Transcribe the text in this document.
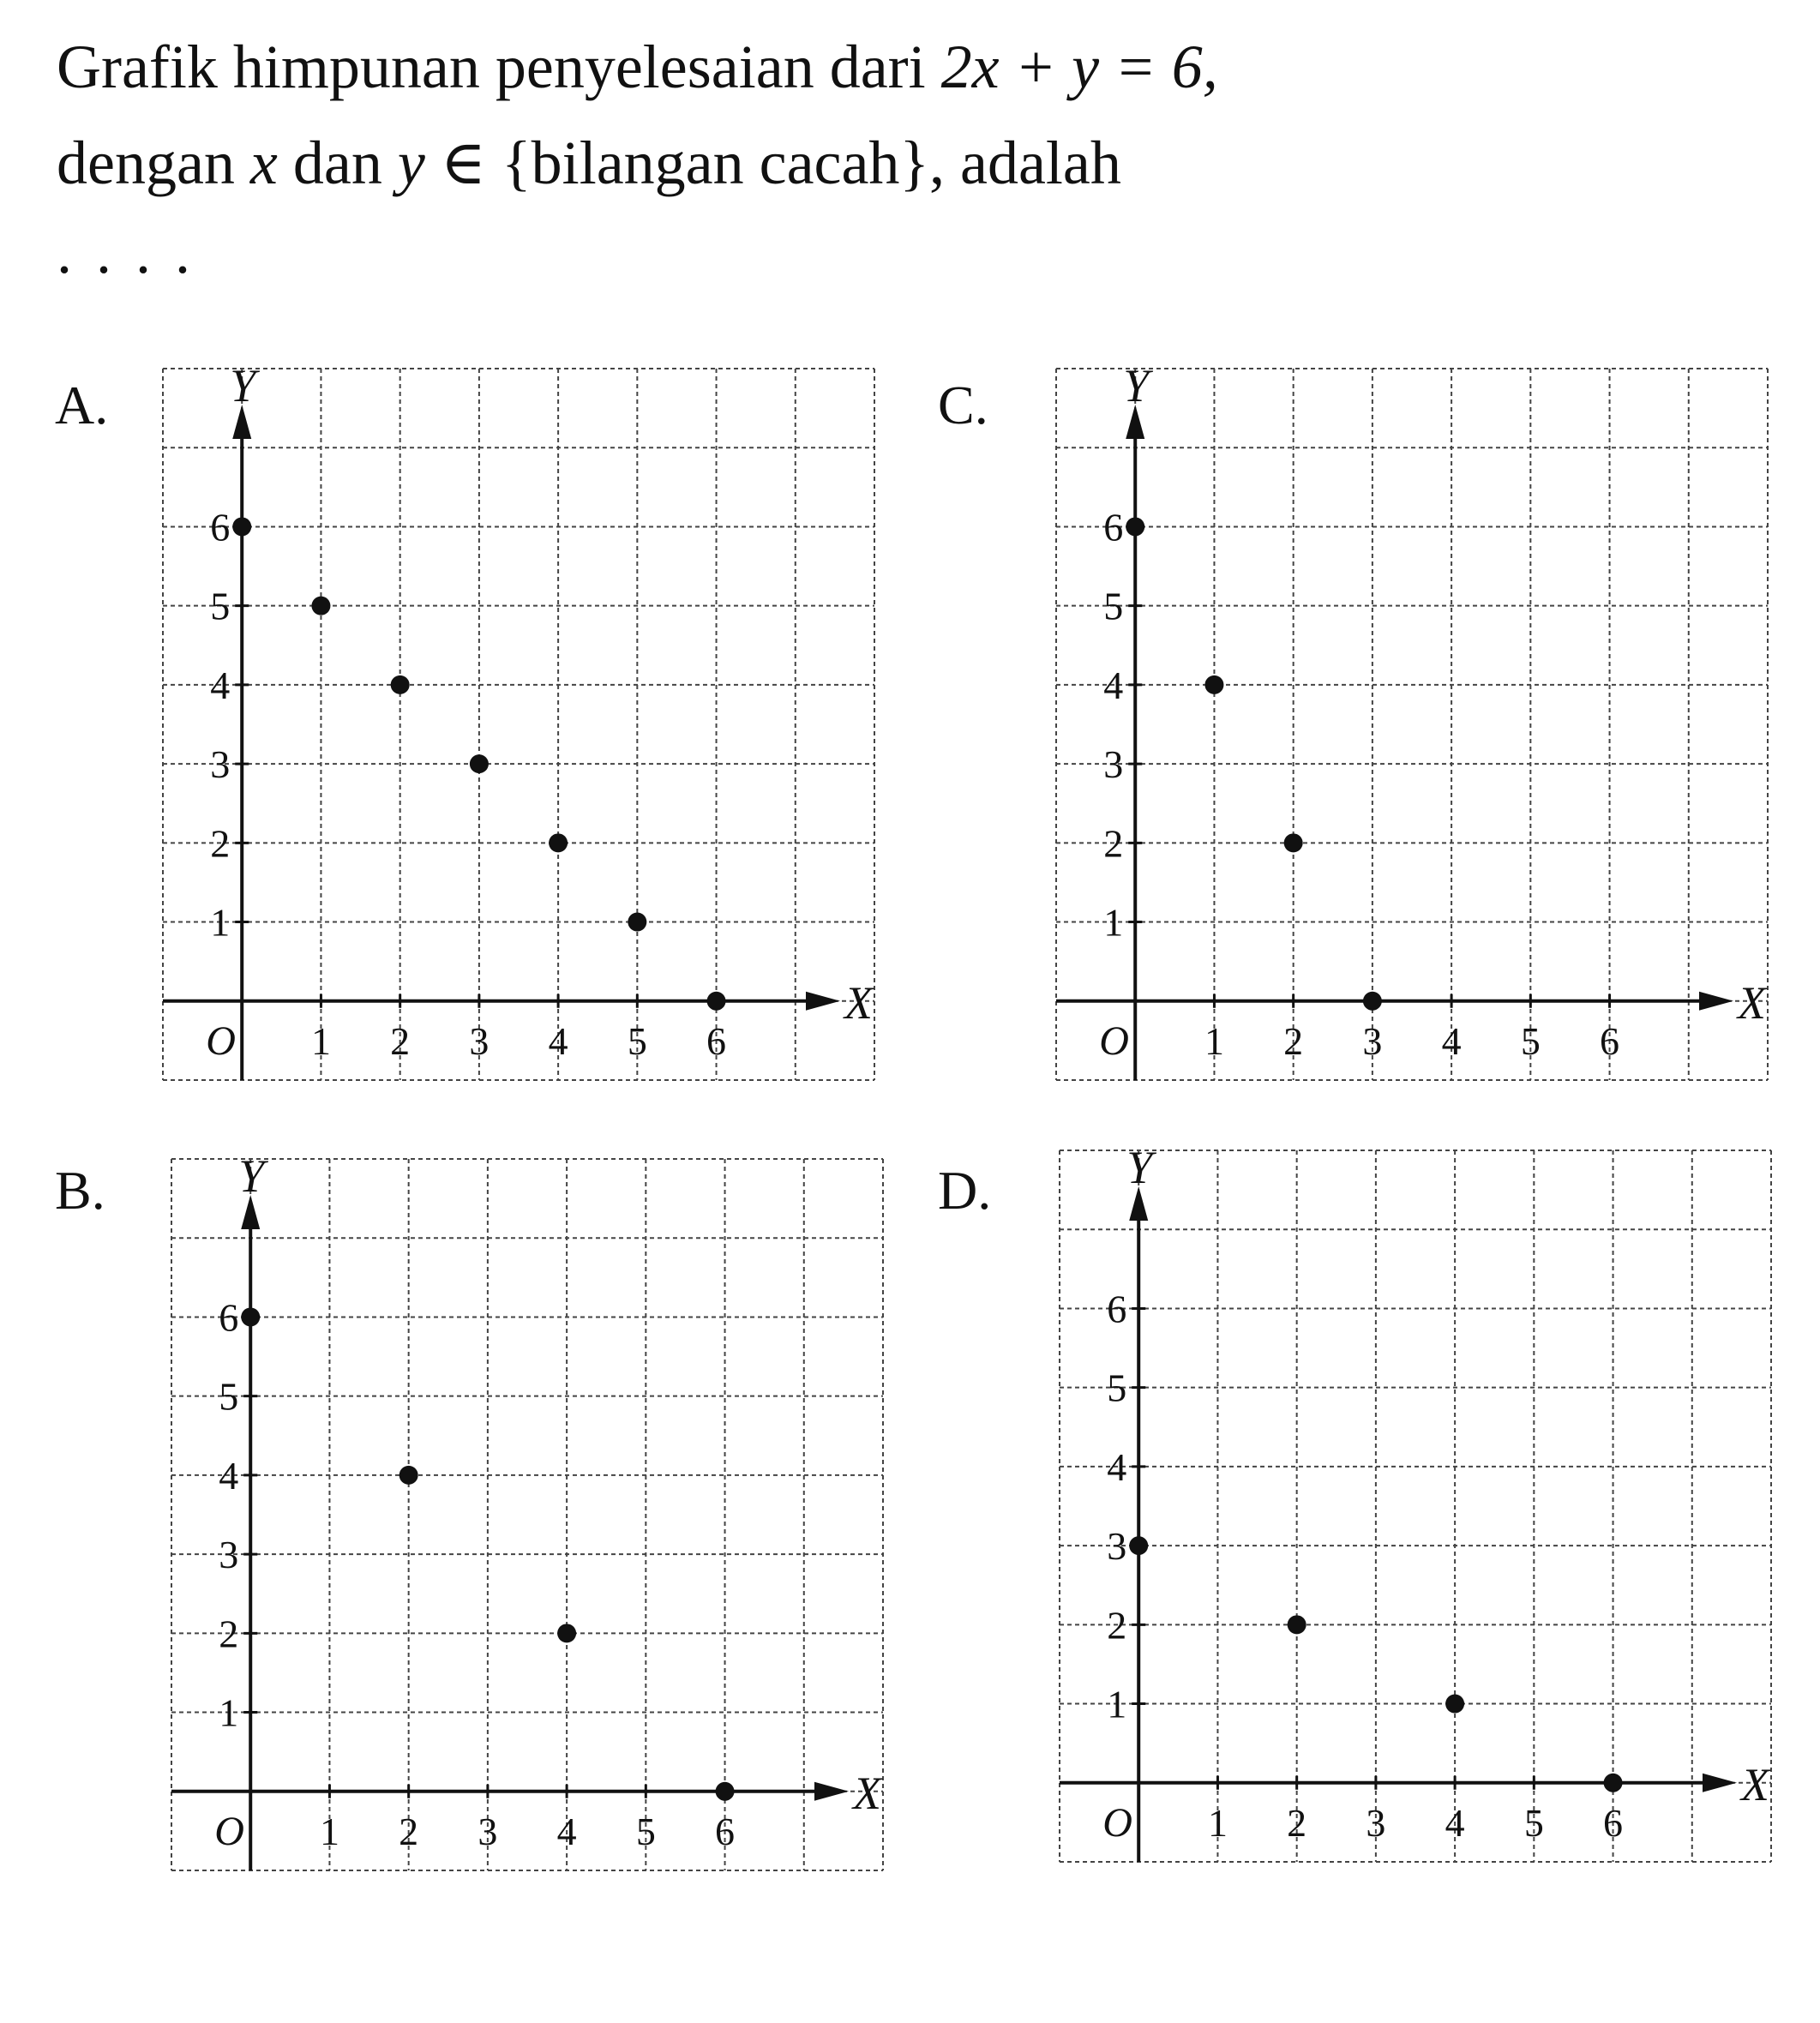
Grafik himpunan penyelesaian dari 2x + y = 6,
dengan x dan y ∈ {bilangan cacah}, adalah
....
A.
X
Y
O 1 2 3 4 5 6
1
2
3
4
5
6
C.
X
Y
O 1 2 3 4 5 6
1
2
3
4
5
6
B.
X
Y
O 1 2 3 4 5 6
1
2
3
4
5
6
D.
X
Y
O 1 2 3 4 5 6
1
2
3
4
5
6
